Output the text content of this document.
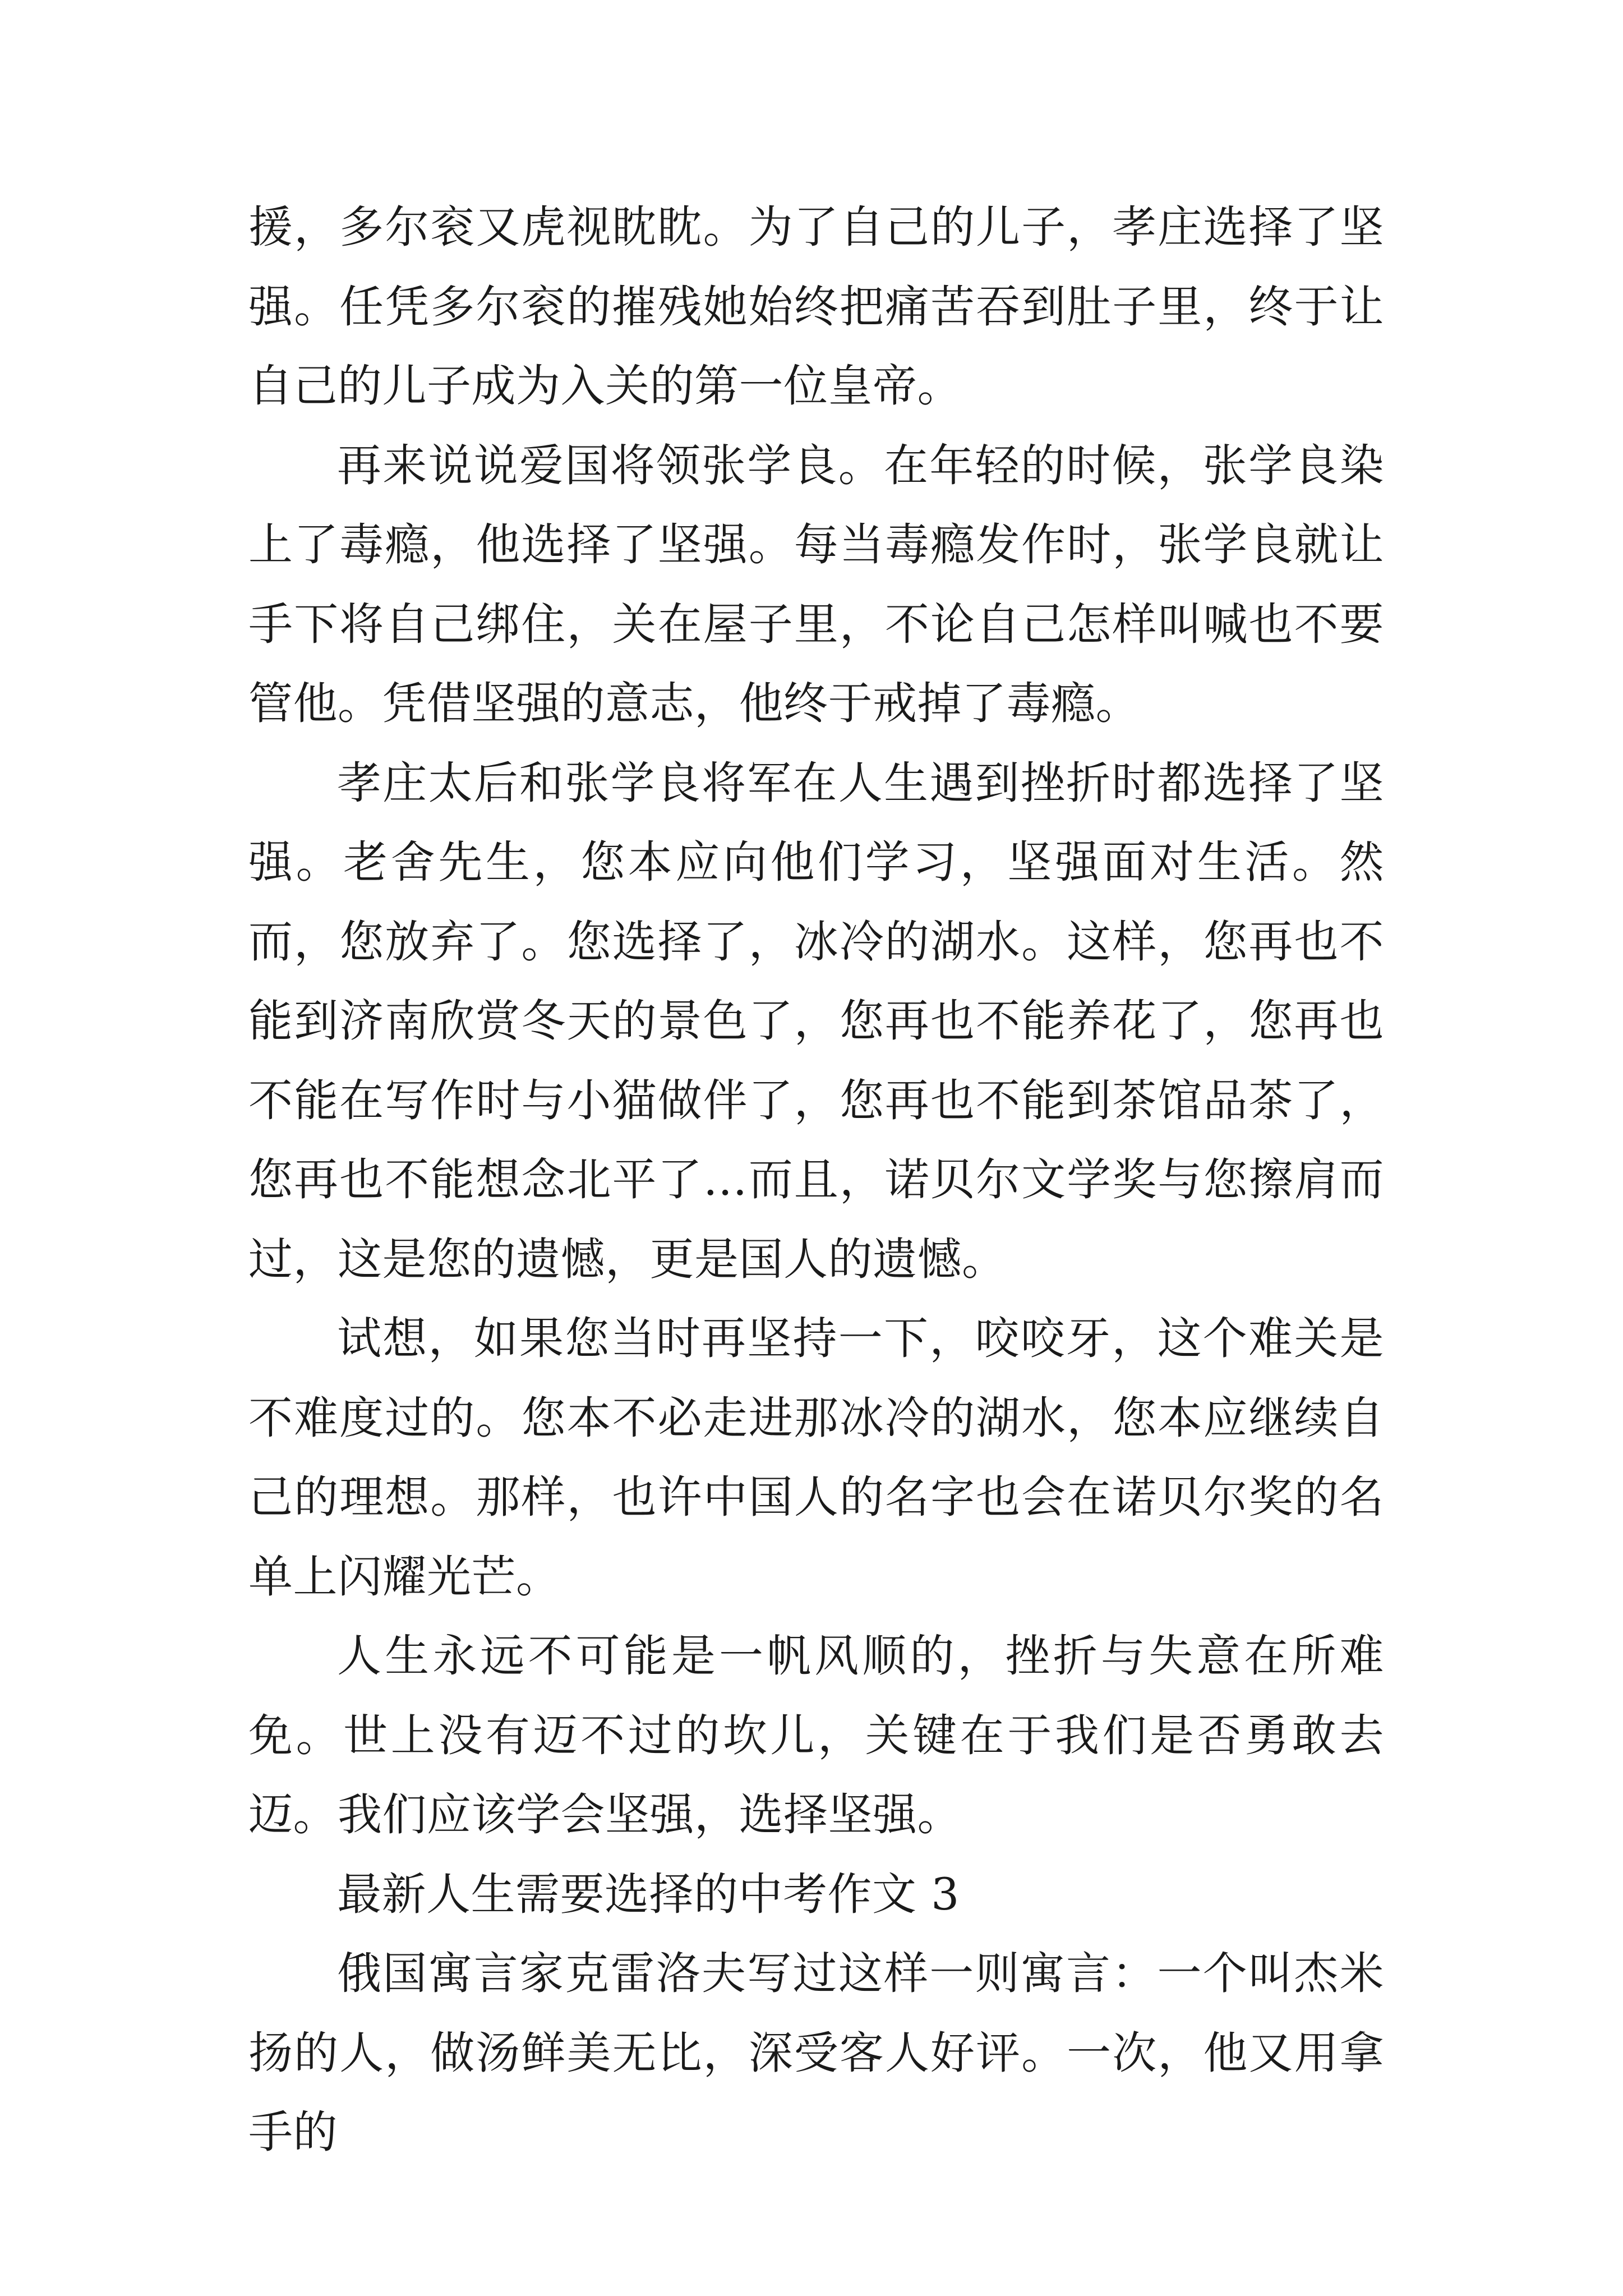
援，多尔衮又虎视眈眈。为了自己的儿子，孝庄选择了坚强。任凭多尔衮的摧残她始终把痛苦吞到肚子里，终于让自己的儿子成为入关的第一位皇帝。

再来说说爱国将领张学良。在年轻的时候，张学良染上了毒瘾，他选择了坚强。每当毒瘾发作时，张学良就让手下将自己绑住，关在屋子里，不论自己怎样叫喊也不要管他。凭借坚强的意志，他终于戒掉了毒瘾。

孝庄太后和张学良将军在人生遇到挫折时都选择了坚强。老舍先生，您本应向他们学习，坚强面对生活。然而，您放弃了。您选择了，冰冷的湖水。这样，您再也不能到济南欣赏冬天的景色了，您再也不能养花了，您再也不能在写作时与小猫做伴了，您再也不能到茶馆品茶了，您再也不能想念北平了…而且，诺贝尔文学奖与您擦肩而过，这是您的遗憾，更是国人的遗憾。

试想，如果您当时再坚持一下，咬咬牙，这个难关是不难度过的。您本不必走进那冰冷的湖水，您本应继续自己的理想。那样，也许中国人的名字也会在诺贝尔奖的名单上闪耀光芒。

人生永远不可能是一帆风顺的，挫折与失意在所难免。世上没有迈不过的坎儿，关键在于我们是否勇敢去迈。我们应该学会坚强，选择坚强。

最新人生需要选择的中考作文 3

俄国寓言家克雷洛夫写过这样一则寓言：一个叫杰米扬的人，做汤鲜美无比，深受客人好评。一次，他又用拿手的
